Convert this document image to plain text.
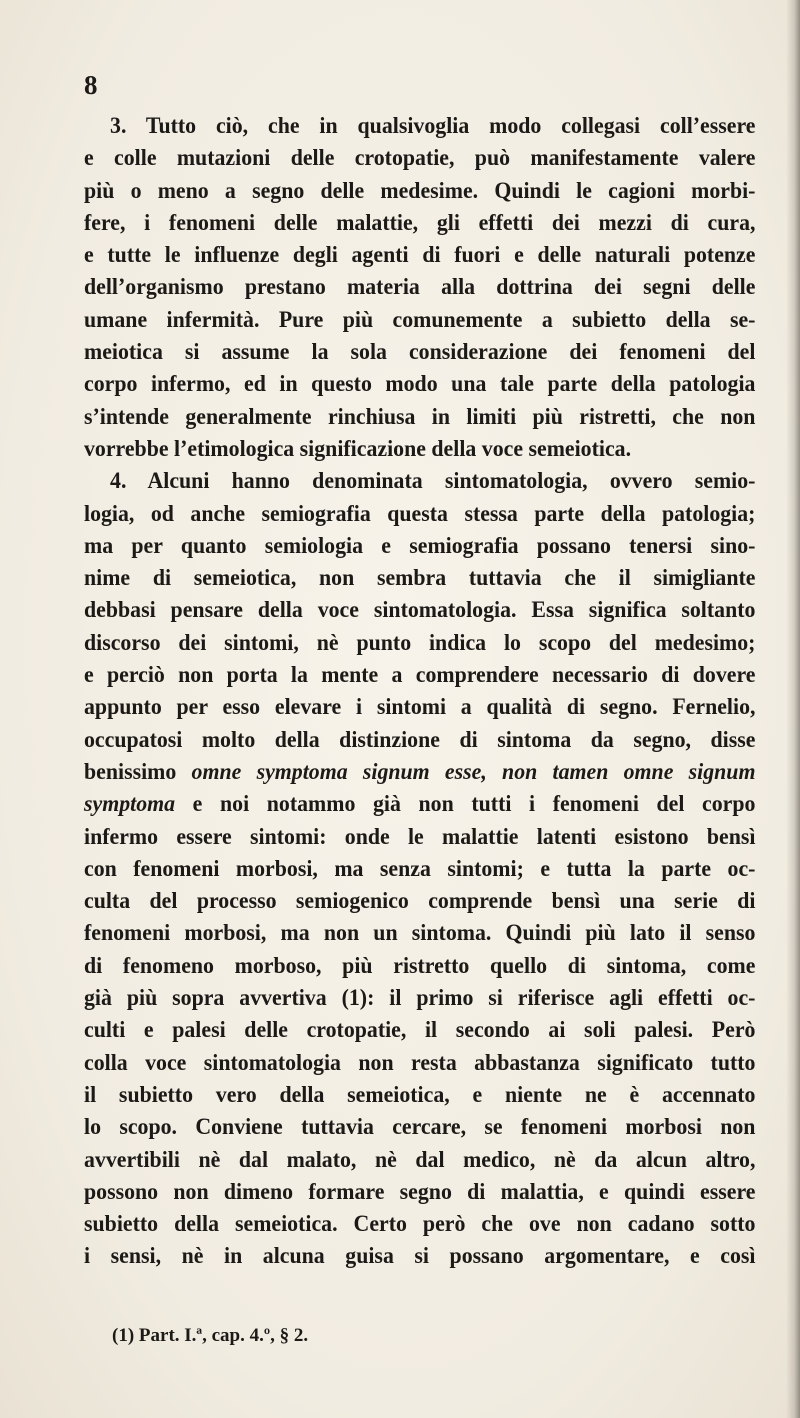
8
3. Tutto ciò, che in qualsivoglia modo collegasi coll’essere
e colle mutazioni delle crotopatie, può manifestamente valere
più o meno a segno delle medesime. Quindi le cagioni morbi-
fere, i fenomeni delle malattie, gli effetti dei mezzi di cura,
e tutte le influenze degli agenti di fuori e delle naturali potenze
dell’organismo prestano materia alla dottrina dei segni delle
umane infermità. Pure più comunemente a subietto della se-
meiotica si assume la sola considerazione dei fenomeni del
corpo infermo, ed in questo modo una tale parte della patologia
s’intende generalmente rinchiusa in limiti più ristretti, che non
vorrebbe l’etimologica significazione della voce semeiotica.
4. Alcuni hanno denominata sintomatologia, ovvero semio-
logia, od anche semiografia questa stessa parte della patologia;
ma per quanto semiologia e semiografia possano tenersi sino-
nime di semeiotica, non sembra tuttavia che il simigliante
debbasi pensare della voce sintomatologia. Essa significa soltanto
discorso dei sintomi, nè punto indica lo scopo del medesimo;
e perciò non porta la mente a comprendere necessario di dovere
appunto per esso elevare i sintomi a qualità di segno. Fernelio,
occupatosi molto della distinzione di sintoma da segno, disse
benissimo omne symptoma signum esse, non tamen omne signum
symptoma e noi notammo già non tutti i fenomeni del corpo
infermo essere sintomi: onde le malattie latenti esistono bensì
con fenomeni morbosi, ma senza sintomi; e tutta la parte oc-
culta del processo semiogenico comprende bensì una serie di
fenomeni morbosi, ma non un sintoma. Quindi più lato il senso
di fenomeno morboso, più ristretto quello di sintoma, come
già più sopra avvertiva (1): il primo si riferisce agli effetti oc-
culti e palesi delle crotopatie, il secondo ai soli palesi. Però
colla voce sintomatologia non resta abbastanza significato tutto
il subietto vero della semeiotica, e niente ne è accennato
lo scopo. Conviene tuttavia cercare, se fenomeni morbosi non
avvertibili nè dal malato, nè dal medico, nè da alcun altro,
possono non dimeno formare segno di malattia, e quindi essere
subietto della semeiotica. Certo però che ove non cadano sotto
i sensi, nè in alcuna guisa si possano argomentare, e così
(1) Part. I.ª, cap. 4.º, § 2.
